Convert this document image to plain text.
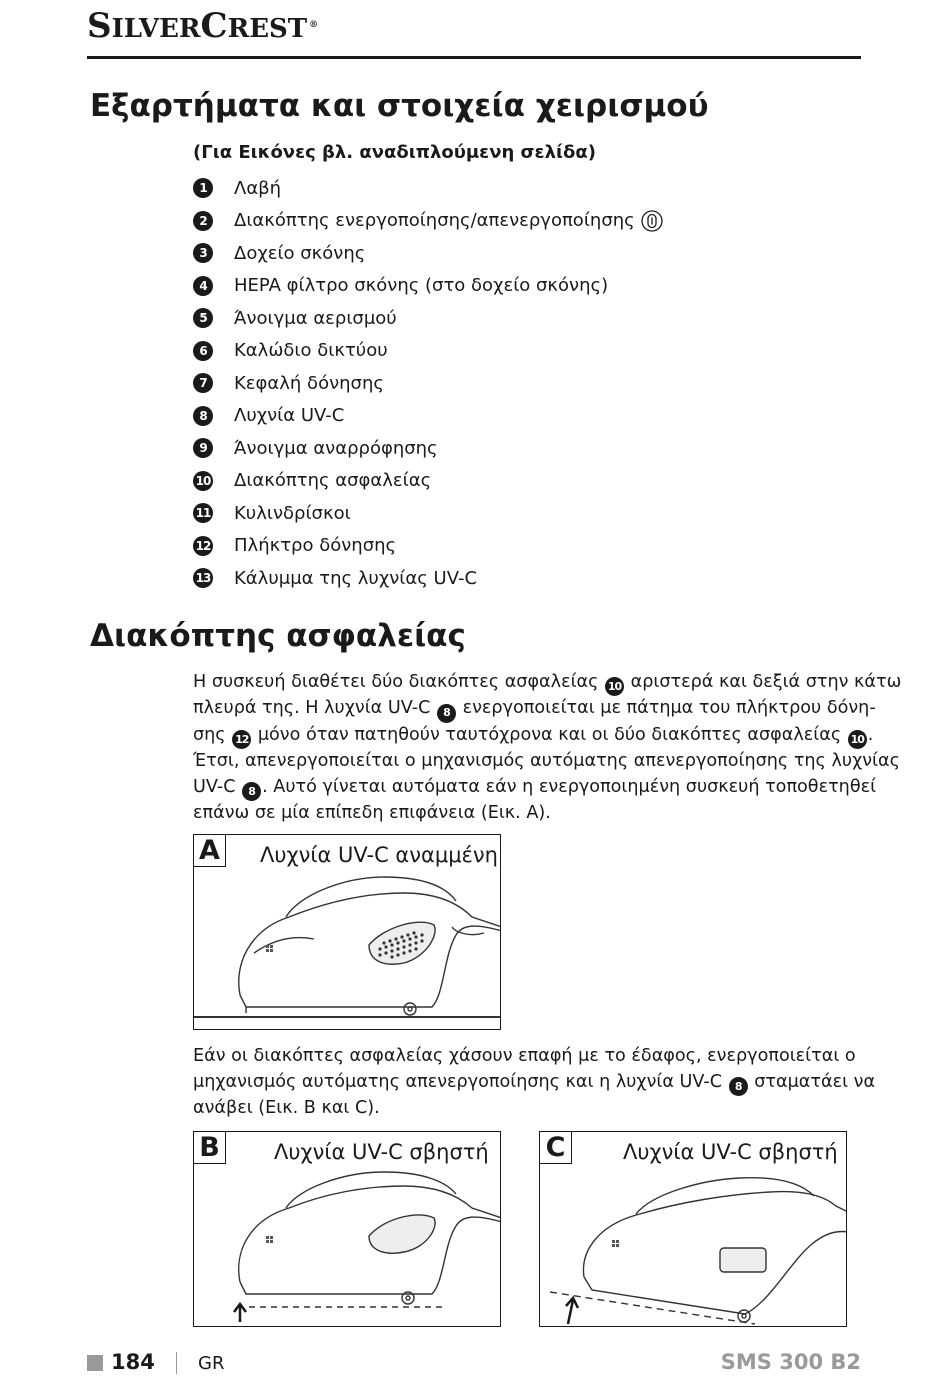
SILVERCREST ®
Εξαρτήματα και στοιχεία χειρισμού

(Για Εικόνες βλ. αναδιπλούμενη σελίδα)

1	Λαβή
2	Διακόπτης ενεργοποίησης/απενεργοποίησης
3	Δοχείο σκόνης
4	HEPA φίλτρο σκόνης (στο δοχείο σκόνης)
5	Άνοιγμα αερισμού
6	Καλώδιο δικτύου
7	Κεφαλή δόνησης
8	Λυχνία UV-C
9	Άνοιγμα αναρρόφησης
10 Διακόπτης ασφαλείας
11 Κυλινδρίσκοι
12 Πλήκτρο δόνησης
13 Κάλυμμα της λυχνίας UV-C
Διακόπτης ασφαλείας
Η συσκευή διαθέτει δύο διακόπτες ασφαλείας 10 αριστερά και δεξιά στην κάτω
πλευρά της. Η λυχνία UV-C 8 ενεργοποιείται με πάτημα του πλήκτρου δόνη-
σης 12 μόνο όταν πατηθούν ταυτόχρονα και οι δύο διακόπτες ασφαλείας 10 .
Έτσι, απενεργοποιείται ο μηχανισμός αυτόματης απενεργοποίησης της λυχνίας
UV-C 8 . Αυτό γίνεται αυτόματα εάν η ενεργοποιημένη συσκευή τοποθετηθεί
επάνω σε μία επίπεδη επιφάνεια (Εικ. A).
A Λυχνία UV-C αναμμένη
Εάν οι διακόπτες ασφαλείας χάσουν επαφή με το έδαφος, ενεργοποιείται ο
μηχανισμός αυτόματης απενεργοποίησης και η λυχνία UV-C 8 σταματάει να
ανάβει (Εικ. B και C).
B	Λυχνία UV-C σβηστή C	Λυχνία UV-C σβηστή
184 GR	SMS 300 B2
